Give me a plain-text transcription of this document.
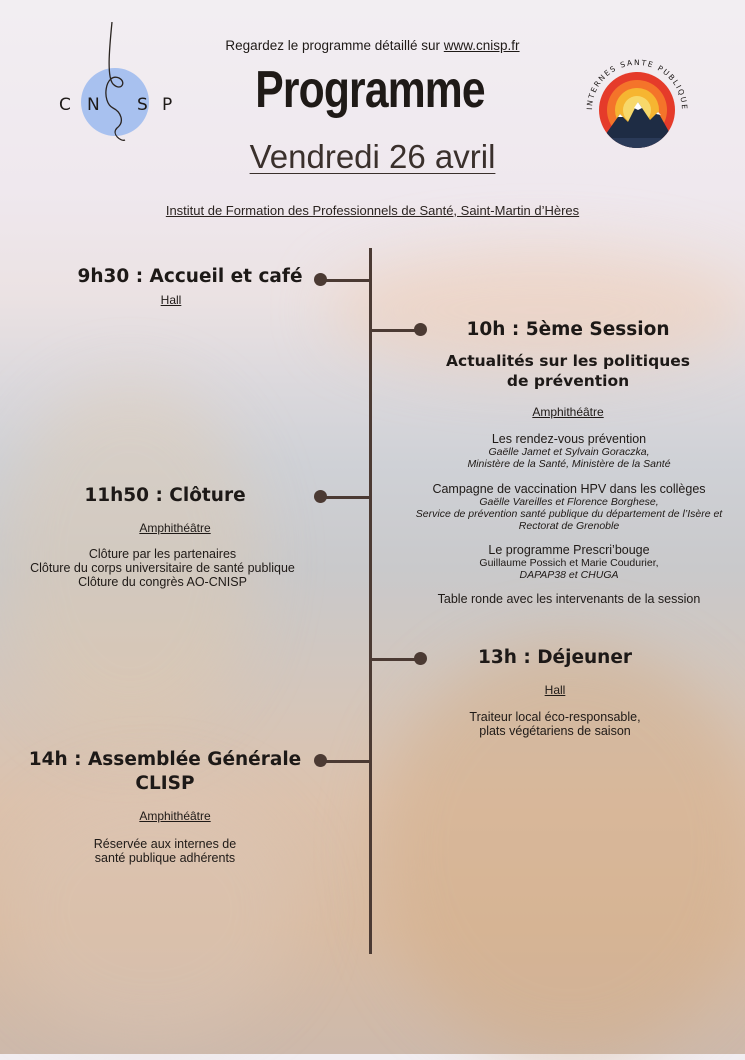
C N S P	INTERNES SANTE PUBLIQUE
Regardez le programme détaillé sur www.cnisp.fr
Programme
Vendredi 26 avril
Institut de Formation des Professionnels de Santé, Saint-Martin d’Hères
9h30 : Accueil et café
Hall
10h : 5ème Session
Actualités sur les politiques
de prévention
Amphithéâtre
Les rendez-vous prévention
Gaëlle Jamet et Sylvain Goraczka,
Ministère de la Santé, Ministère de la Santé
Campagne de vaccination HPV dans les collèges
Gaëlle Vareilles et Florence Borghese,
Service de prévention santé publique du département de l’Isère et
Rectorat de Grenoble
Le programme Prescri’bouge
Guillaume Possich et Marie Coudurier,
DAPAP38 et CHUGA
Table ronde avec les intervenants de la session
11h50 : Clôture
Amphithéâtre
Clôture par les partenaires
Clôture du corps universitaire de santé publique
Clôture du congrès AO-CNISP
13h : Déjeuner
Hall
Traiteur local éco-responsable,
plats végétariens de saison
14h : Assemblée Générale
CLISP
Amphithéâtre
Réservée aux internes de
santé publique adhérents
